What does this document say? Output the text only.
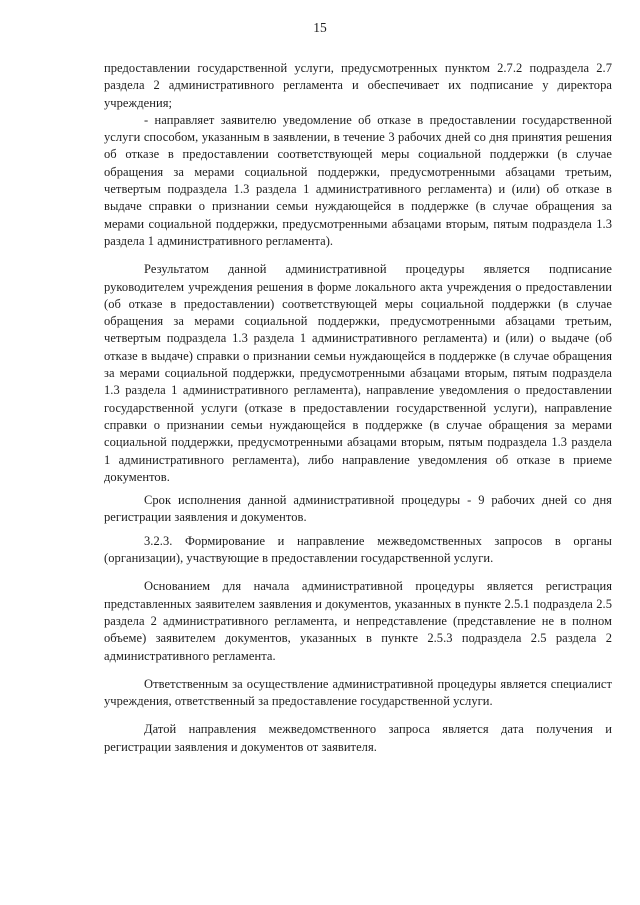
15

предоставлении государственной услуги, предусмотренных пунктом 2.7.2 подраздела 2.7 раздела 2 административного регламента и обеспечивает их подписание у директора учреждения;

- направляет заявителю уведомление об отказе в предоставлении государственной услуги способом, указанным в заявлении, в течение 3 рабочих дней со дня принятия решения об отказе в предоставлении соответствующей меры социальной поддержки (в случае обращения за мерами социальной поддержки, предусмотренными абзацами третьим, четвертым подраздела 1.3 раздела 1 административного регламента) и (или) об отказе в выдаче справки о признании семьи нуждающейся в поддержке (в случае обращения за мерами социальной поддержки, предусмотренными абзацами вторым, пятым подраздела 1.3 раздела 1 административного регламента).

Результатом данной административной процедуры является подписание руководителем учреждения решения в форме локального акта учреждения о предоставлении (об отказе в предоставлении) соответствующей меры социальной поддержки (в случае обращения за мерами социальной поддержки, предусмотренными абзацами третьим, четвертым подраздела 1.3 раздела 1 административного регламента) и (или) о выдаче (об отказе в выдаче) справки о признании семьи нуждающейся в поддержке (в случае обращения за мерами социальной поддержки, предусмотренными абзацами вторым, пятым подраздела 1.3 раздела 1 административного регламента), направление уведомления о предоставлении государственной услуги (отказе в предоставлении государственной услуги), направление справки о признании семьи нуждающейся в поддержке (в случае обращения за мерами социальной поддержки, предусмотренными абзацами вторым, пятым подраздела 1.3 раздела 1 административного регламента), либо направление уведомления об отказе в приеме документов.

Срок исполнения данной административной процедуры - 9 рабочих дней со дня регистрации заявления и документов.

3.2.3. Формирование и направление межведомственных запросов в органы (организации), участвующие в предоставлении государственной услуги.

Основанием для начала административной процедуры является регистрация представленных заявителем заявления и документов, указанных в пункте 2.5.1 подраздела 2.5 раздела 2 административного регламента, и непредставление (представление не в полном объеме) заявителем документов, указанных в пункте 2.5.3 подраздела 2.5 раздела 2 административного регламента.

Ответственным за осуществление административной процедуры является специалист учреждения, ответственный за предоставление государственной услуги.

Датой направления межведомственного запроса является дата получения и регистрации заявления и документов от заявителя.
